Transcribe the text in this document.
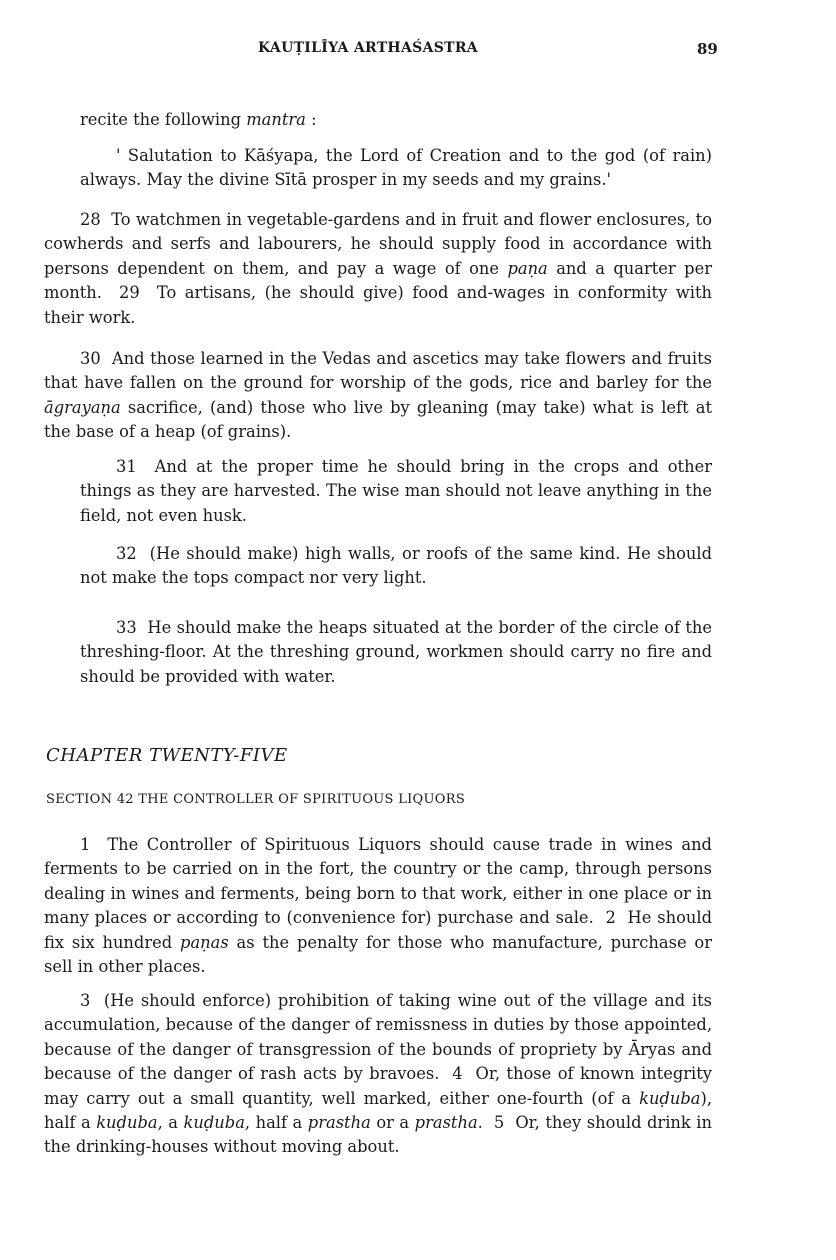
KAUṬILĪYA ARTHAŚASTRA	89

recite the following mantra :

' Salutation to Kāśyapa, the Lord of Creation and to the god (of rain) always. May the divine Sītā prosper in my seeds and my grains.'

28 To watchmen in vegetable-gardens and in fruit and flower enclosures, to cowherds and serfs and labourers, he should supply food in accordance with persons dependent on them, and pay a wage of one paṇa and a quarter per month. 29 To artisans, (he should give) food and-wages in conformity with their work.

30 And those learned in the Vedas and ascetics may take flowers and fruits that have fallen on the ground for worship of the gods, rice and barley for the āgrayaṇa sacrifice, (and) those who live by gleaning (may take) what is left at the base of a heap (of grains).

31 And at the proper time he should bring in the crops and other things as they are harvested. The wise man should not leave anything in the field, not even husk.

32 (He should make) high walls, or roofs of the same kind. He should not make the tops compact nor very light.

33 He should make the heaps situated at the border of the circle of the threshing-floor. At the threshing ground, workmen should carry no fire and should be provided with water.

CHAPTER TWENTY-FIVE
SECTION 42 THE CONTROLLER OF SPIRITUOUS LIQUORS

1 The Controller of Spirituous Liquors should cause trade in wines and ferments to be carried on in the fort, the country or the camp, through persons dealing in wines and ferments, being born to that work, either in one place or in many places or according to (convenience for) purchase and sale. 2 He should fix six hundred paṇas as the penalty for those who manufacture, purchase or sell in other places.

3 (He should enforce) prohibition of taking wine out of the village and its accumulation, because of the danger of remissness in duties by those appointed, because of the danger of transgression of the bounds of propriety by Āryas and because of the danger of rash acts by bravoes. 4 Or, those of known integrity may carry out a small quantity, well marked, either one-fourth (of a kuḍuba), half a kuḍuba, a kuḍuba, half a prastha or a prastha. 5 Or, they should drink in the drinking-houses without moving about.
